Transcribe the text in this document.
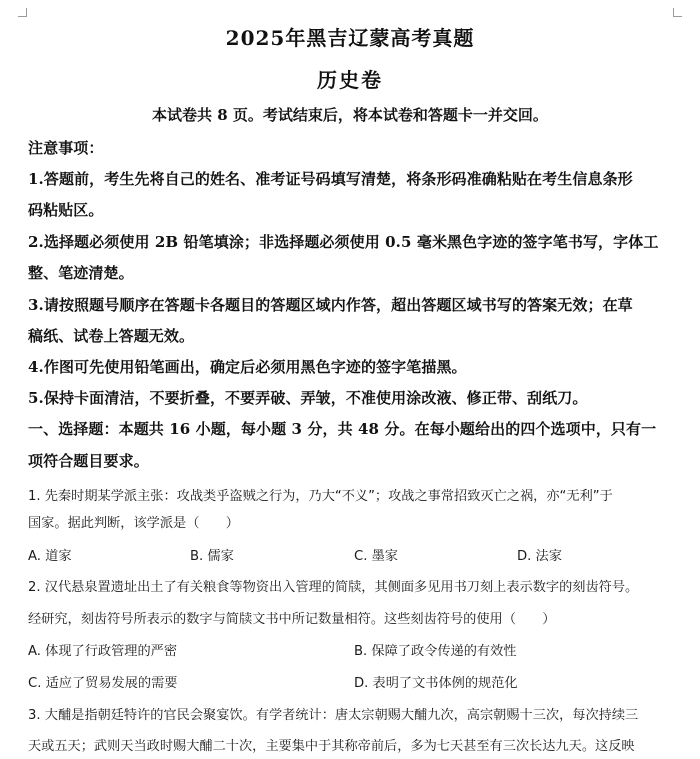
2025年黑吉辽蒙高考真题
历史卷
本试卷共 8 页。考试结束后，将本试卷和答题卡一并交回。
注意事项：
1.答题前，考生先将自己的姓名、准考证号码填写清楚，将条形码准确粘贴在考生信息条形
码粘贴区。
2.选择题必须使用 2B 铅笔填涂；非选择题必须使用 0.5 毫米黑色字迹的签字笔书写，字体工
整、笔迹清楚。
3.请按照题号顺序在答题卡各题目的答题区域内作答，超出答题区域书写的答案无效；在草
稿纸、试卷上答题无效。
4.作图可先使用铅笔画出，确定后必须用黑色字迹的签字笔描黑。
5.保持卡面清洁，不要折叠，不要弄破、弄皱，不准使用涂改液、修正带、刮纸刀。
一、选择题：本题共 16 小题，每小题 3 分，共 48 分。在每小题给出的四个选项中，只有一
项符合题目要求。
1. 先秦时期某学派主张：攻战类乎盗贼之行为，乃大“不义”；攻战之事常招致灭亡之祸，亦“无利”于
国家。据此判断，该学派是（　　）
A. 道家	B. 儒家	C. 墨家	D. 法家
2. 汉代悬泉置遗址出土了有关粮食等物资出入管理的简牍，其侧面多见用书刀刻上表示数字的刻齿符号。
经研究，刻齿符号所表示的数字与简牍文书中所记数量相符。这些刻齿符号的使用（　　）
A. 体现了行政管理的严密	B. 保障了政令传递的有效性
C. 适应了贸易发展的需要	D. 表明了文书体例的规范化
3. 大酺是指朝廷特许的官民会聚宴饮。有学者统计：唐太宗朝赐大酺九次，高宗朝赐十三次，每次持续三
天或五天；武则天当政时赐大酺二十次，主要集中于其称帝前后，多为七天甚至有三次长达九天。这反映
